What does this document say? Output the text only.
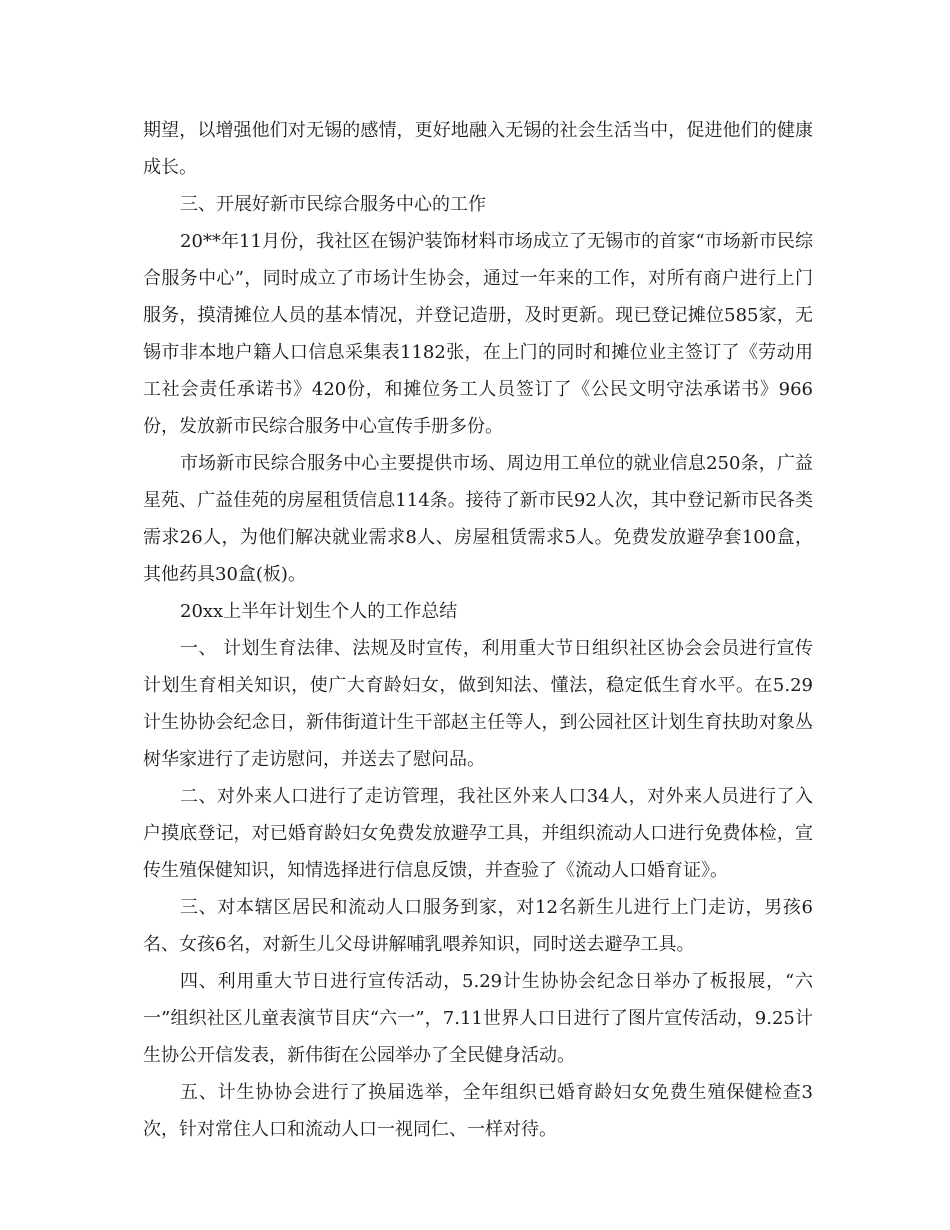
期望，以增强他们对无锡的感情，更好地融入无锡的社会生活当中，促进他们的健康成长。

三、开展好新市民综合服务中心的工作

20**年11月份，我社区在锡沪装饰材料市场成立了无锡市的首家“市场新市民综合服务中心”，同时成立了市场计生协会，通过一年来的工作，对所有商户进行上门服务，摸清摊位人员的基本情况，并登记造册，及时更新。现已登记摊位585家，无锡市非本地户籍人口信息采集表1182张，在上门的同时和摊位业主签订了《劳动用工社会责任承诺书》420份，和摊位务工人员签订了《公民文明守法承诺书》966份，发放新市民综合服务中心宣传手册多份。

市场新市民综合服务中心主要提供市场、周边用工单位的就业信息250条，广益星苑、广益佳苑的房屋租赁信息114条。接待了新市民92人次，其中登记新市民各类需求26人，为他们解决就业需求8人、房屋租赁需求5人。免费发放避孕套100盒，其他药具30盒(板)。

20xx上半年计划生个人的工作总结

一、 计划生育法律、法规及时宣传，利用重大节日组织社区协会会员进行宣传计划生育相关知识，使广大育龄妇女，做到知法、懂法，稳定低生育水平。在5.29计生协协会纪念日，新伟街道计生干部赵主任等人，到公园社区计划生育扶助对象丛树华家进行了走访慰问，并送去了慰问品。

二、对外来人口进行了走访管理，我社区外来人口34人，对外来人员进行了入户摸底登记，对已婚育龄妇女免费发放避孕工具，并组织流动人口进行免费体检，宣传生殖保健知识，知情选择进行信息反馈，并查验了《流动人口婚育证》。

三、对本辖区居民和流动人口服务到家，对12名新生儿进行上门走访，男孩6名、女孩6名，对新生儿父母讲解哺乳喂养知识，同时送去避孕工具。

四、利用重大节日进行宣传活动，5.29计生协协会纪念日举办了板报展，“六一”组织社区儿童表演节目庆“六一”，7.11世界人口日进行了图片宣传活动，9.25计生协公开信发表，新伟街在公园举办了全民健身活动。

五、计生协协会进行了换届选举，全年组织已婚育龄妇女免费生殖保健检查3次，针对常住人口和流动人口一视同仁、一样对待。
